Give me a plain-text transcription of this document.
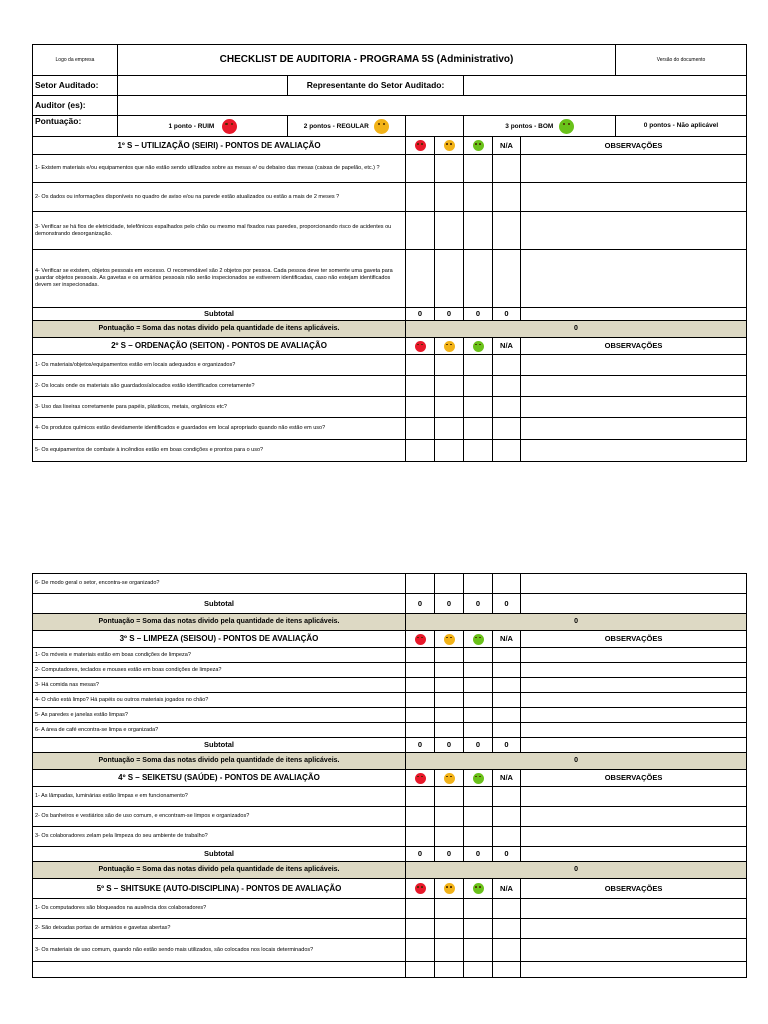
Logo da empresa	CHECKLIST DE AUDITORIA - PROGRAMA 5S (Administrativo)							Versão do documento
Setor Auditado:		Representante do Setor Auditado:						
Auditor (es):								
Pontuação:	1 ponto - RUIM	2 pontos - REGULAR			3 pontos - BOM			0 pontos - Não aplicável
1º S – UTILIZAÇÃO (SEIRI) - PONTOS DE AVALIAÇÃO						N/A	OBSERVAÇÕES	
1- Existem materiais e/ou equipamentos que não estão sendo utilizados sobre as mesas e/ ou debaixo das mesas (caixas de papelão, etc.) ?								
2- Os dados ou informações disponíveis no quadro de aviso e/ou na parede estão atualizados ou estão a mais de 2 meses ?								
3- Verificar se há fios de eletricidade, telefônicos espalhados pelo chão ou mesmo mal fixados nas paredes, proporcionando risco de acidentes ou demonstrando desorganização.								
4- Verificar se existem, objetos pessoais em excesso. O recomendável são 2 objetos por pessoa. Cada pessoa deve ter somente uma gaveta para guardar objetos pessoais. As gavetas e os armários pessoais não serão inspecionados se estiverem identificadas, caso não estejam identificados devem ser inspecionadas.								
Subtotal			0	0	0	0		
Pontuação = Soma das notas divido pela quantidade de itens aplicáveis.			0					
2º S – ORDENAÇÃO (SEITON) - PONTOS DE AVALIAÇÃO						N/A	OBSERVAÇÕES	
1- Os materiais/objetos/equipamentos estão em locais adequados e organizados?								
2- Os locais onde os materiais são guardados/alocados estão identificados corretamente?								
3- Uso das lixeiras corretamente para papéis, plásticos, metais, orgânicos etc?								
4- Os produtos químicos estão devidamente identificados e guardados em local apropriado quando não estão em uso?								
5- Os equipamentos de combate à incêndios estão em boas condições e prontos para o uso?								
6- De modo geral o setor, encontra-se organizado?					
Subtotal	0	0	0	0	
Pontuação = Soma das notas divido pela quantidade de itens aplicáveis.	0				
3º S – LIMPEZA (SEISOU) - PONTOS DE AVALIAÇÃO				N/A	OBSERVAÇÕES
1- Os móveis e materiais estão em boas condições de limpeza?					
2- Computadores, teclados e mouses estão em boas condições de limpeza?					
3- Há comida nas mesas?					
4- O chão está limpo? Há papéis ou outros materiais jogados no chão?					
5- As paredes e janelas estão limpas?					
6- A área de café encontra-se limpa e organizada?					
Subtotal	0	0	0	0	
Pontuação = Soma das notas divido pela quantidade de itens aplicáveis.	0				
4º S – SEIKETSU (SAÚDE) - PONTOS DE AVALIAÇÃO				N/A	OBSERVAÇÕES
1- As lâmpadas, luminárias estão limpas e em funcionamento?					
2- Os banheiros e vestiários são de uso comum, e encontram-se limpos e organizados?					
3- Os colaboradores zelam pela limpeza do seu ambiente de trabalho?					
Subtotal	0	0	0	0	
Pontuação = Soma das notas divido pela quantidade de itens aplicáveis.	0				
5º S – SHITSUKE (AUTO-DISCIPLINA) - PONTOS DE AVALIAÇÃO				N/A	OBSERVAÇÕES
1- Os computadores são bloqueados na ausência dos colaboradores?					
2- São deixadas portas de armários e gavetas abertas?					
3- Os materiais de uso comum, quando não estão sendo mais utilizados, são colocados nos locais determinados?					
